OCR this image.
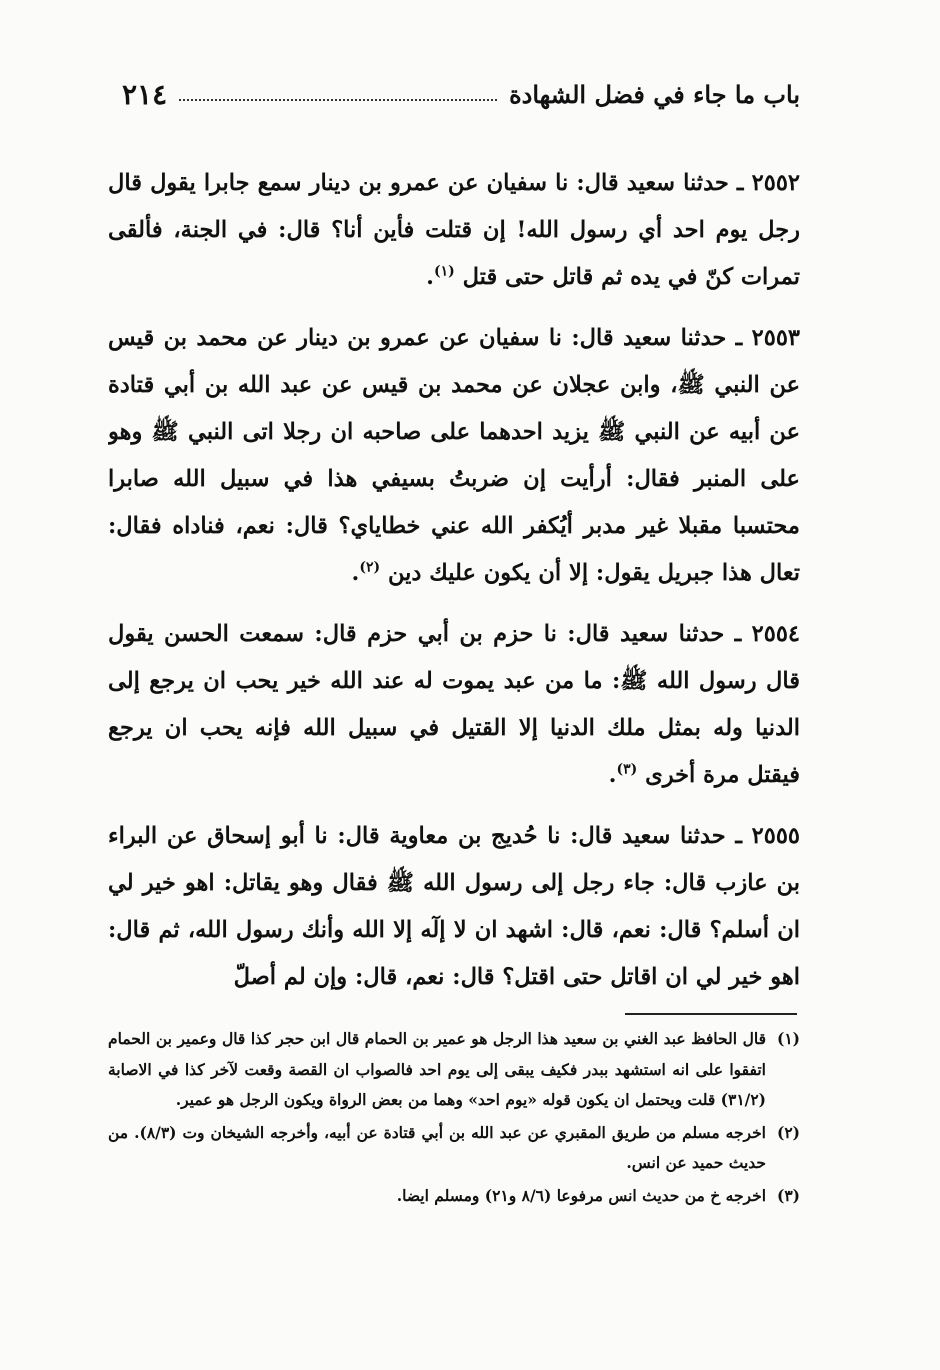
٢١٤	باب ما جاء في فضل الشهادة

٢٥٥٢ ـ حدثنا سعيد قال: نا سفيان عن عمرو بن دينار سمع جابرا يقول قال رجل يوم احد أي رسول الله! إن قتلت فأين أنا؟ قال: في الجنة، فألقى تمرات كنّ في يده ثم قاتل حتى قتل $^{(١)}$.

٢٥٥٣ ـ حدثنا سعيد قال: نا سفيان عن عمرو بن دينار عن محمد بن قيس عن النبي ﷺ، وابن عجلان عن محمد بن قيس عن عبد الله بن أبي قتادة عن أبيه عن النبي ﷺ يزيد احدهما على صاحبه ان رجلا اتى النبي ﷺ وهو على المنبر فقال: أرأيت إن ضربتُ بسيفي هذا في سبيل الله صابرا محتسبا مقبلا غير مدبر أيُكفر الله عني خطاياي؟ قال: نعم، فناداه فقال: تعال هذا جبريل يقول: إلا أن يكون عليك دين $^{(٢)}$.

٢٥٥٤ ـ حدثنا سعيد قال: نا حزم بن أبي حزم قال: سمعت الحسن يقول قال رسول الله ﷺ: ما من عبد يموت له عند الله خير يحب ان يرجع إلى الدنيا وله بمثل ملك الدنيا إلا القتيل في سبيل الله فإنه يحب ان يرجع فيقتل مرة أخرى $^{(٣)}$.

٢٥٥٥ ـ حدثنا سعيد قال: نا حُديج بن معاوية قال: نا أبو إسحاق عن البراء بن عازب قال: جاء رجل إلى رسول الله ﷺ فقال وهو يقاتل: اهو خير لي ان أسلم؟ قال: نعم، قال: اشهد ان لا إلٓه إلا الله وأنك رسول الله، ثم قال: اهو خير لي ان اقاتل حتى اقتل؟ قال: نعم، قال: وإن لم أصلّ

(١)
قال الحافظ عبد الغني بن سعيد هذا الرجل هو عمير بن الحمام قال ابن حجر كذا قال وعمير بن الحمام اتفقوا على انه استشهد ببدر فكيف يبقى إلى يوم احد فالصواب ان القصة وقعت لآخر كذا في الاصابة (٣١/٢) قلت ويحتمل ان يكون قوله «يوم احد» وهما من بعض الرواة ويكون الرجل هو عمير.
(٢)
اخرجه مسلم من طريق المقبري عن عبد الله بن أبي قتادة عن أبيه، وأخرجه الشيخان وت (٨/٣). من حديث حميد عن انس.
(٣)
اخرجه خ من حديث انس مرفوعا (٨/٦ و٢١) ومسلم ايضا.
